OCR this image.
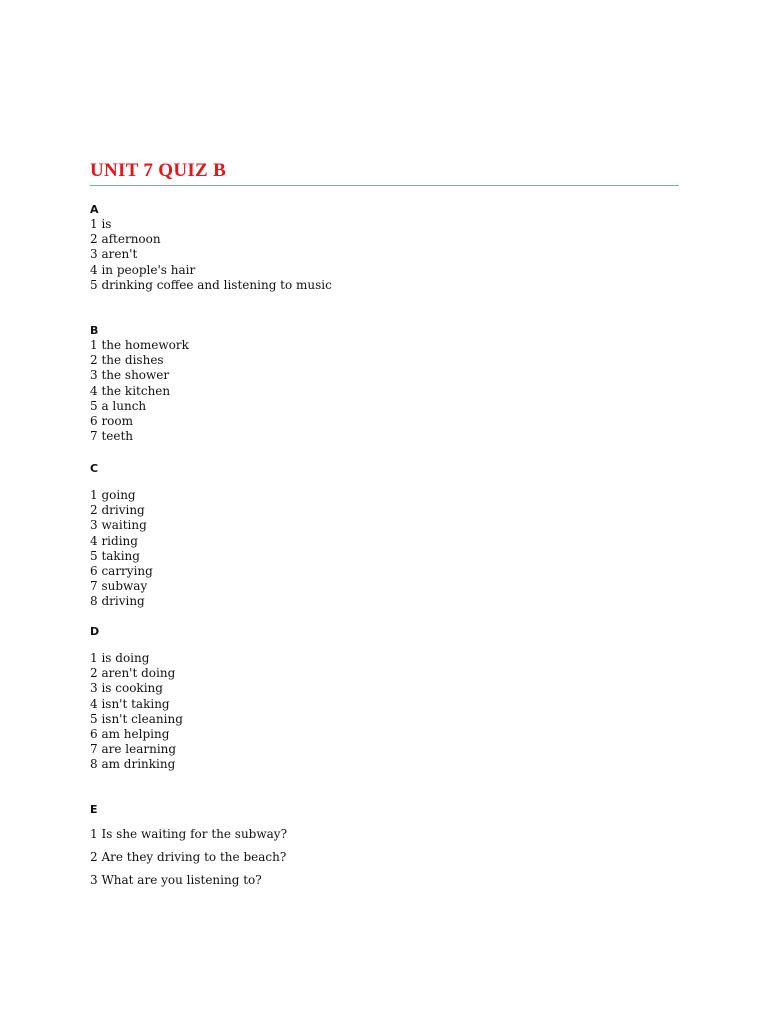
UNIT 7 QUIZ B
A
1 is
2 afternoon
3 aren't
4 in people's hair
5 drinking coffee and listening to music
B
1 the homework
2 the dishes
3 the shower
4 the kitchen
5 a lunch
6 room
7 teeth
C
1 going
2 driving
3 waiting
4 riding
5 taking
6 carrying
7 subway
8 driving
D
1 is doing
2 aren't doing
3 is cooking
4 isn't taking
5 isn't cleaning
6 am helping
7 are learning
8 am drinking
E
1 Is she waiting for the subway?
2 Are they driving to the beach?
3 What are you listening to?
